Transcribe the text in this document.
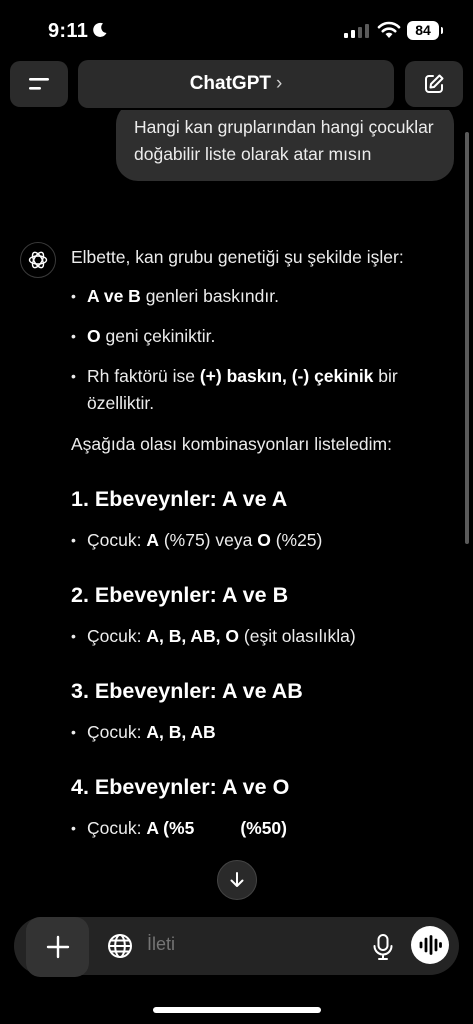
9:11	84
ChatGPT ›
Hangi kan gruplarından hangi çocuklar doğabilir liste olarak atar mısın

Elbette, kan grubu genetiği şu şekilde işler:

• A ve B genleri baskındır.
• O geni çekiniktir.
• Rh faktörü ise (+) baskın, (-) çekinik bir özelliktir.

Aşağıda olası kombinasyonları listeledim:

1. Ebeveynler: A ve A
• Çocuk: A (%75) veya O (%25)
2. Ebeveynler: A ve B
• Çocuk: A, B, AB, O (eşit olasılıkla)
3. Ebeveynler: A ve AB
• Çocuk: A, B, AB
4. Ebeveynler: A ve O
• Çocuk: A (%5	(%50)
İleti
